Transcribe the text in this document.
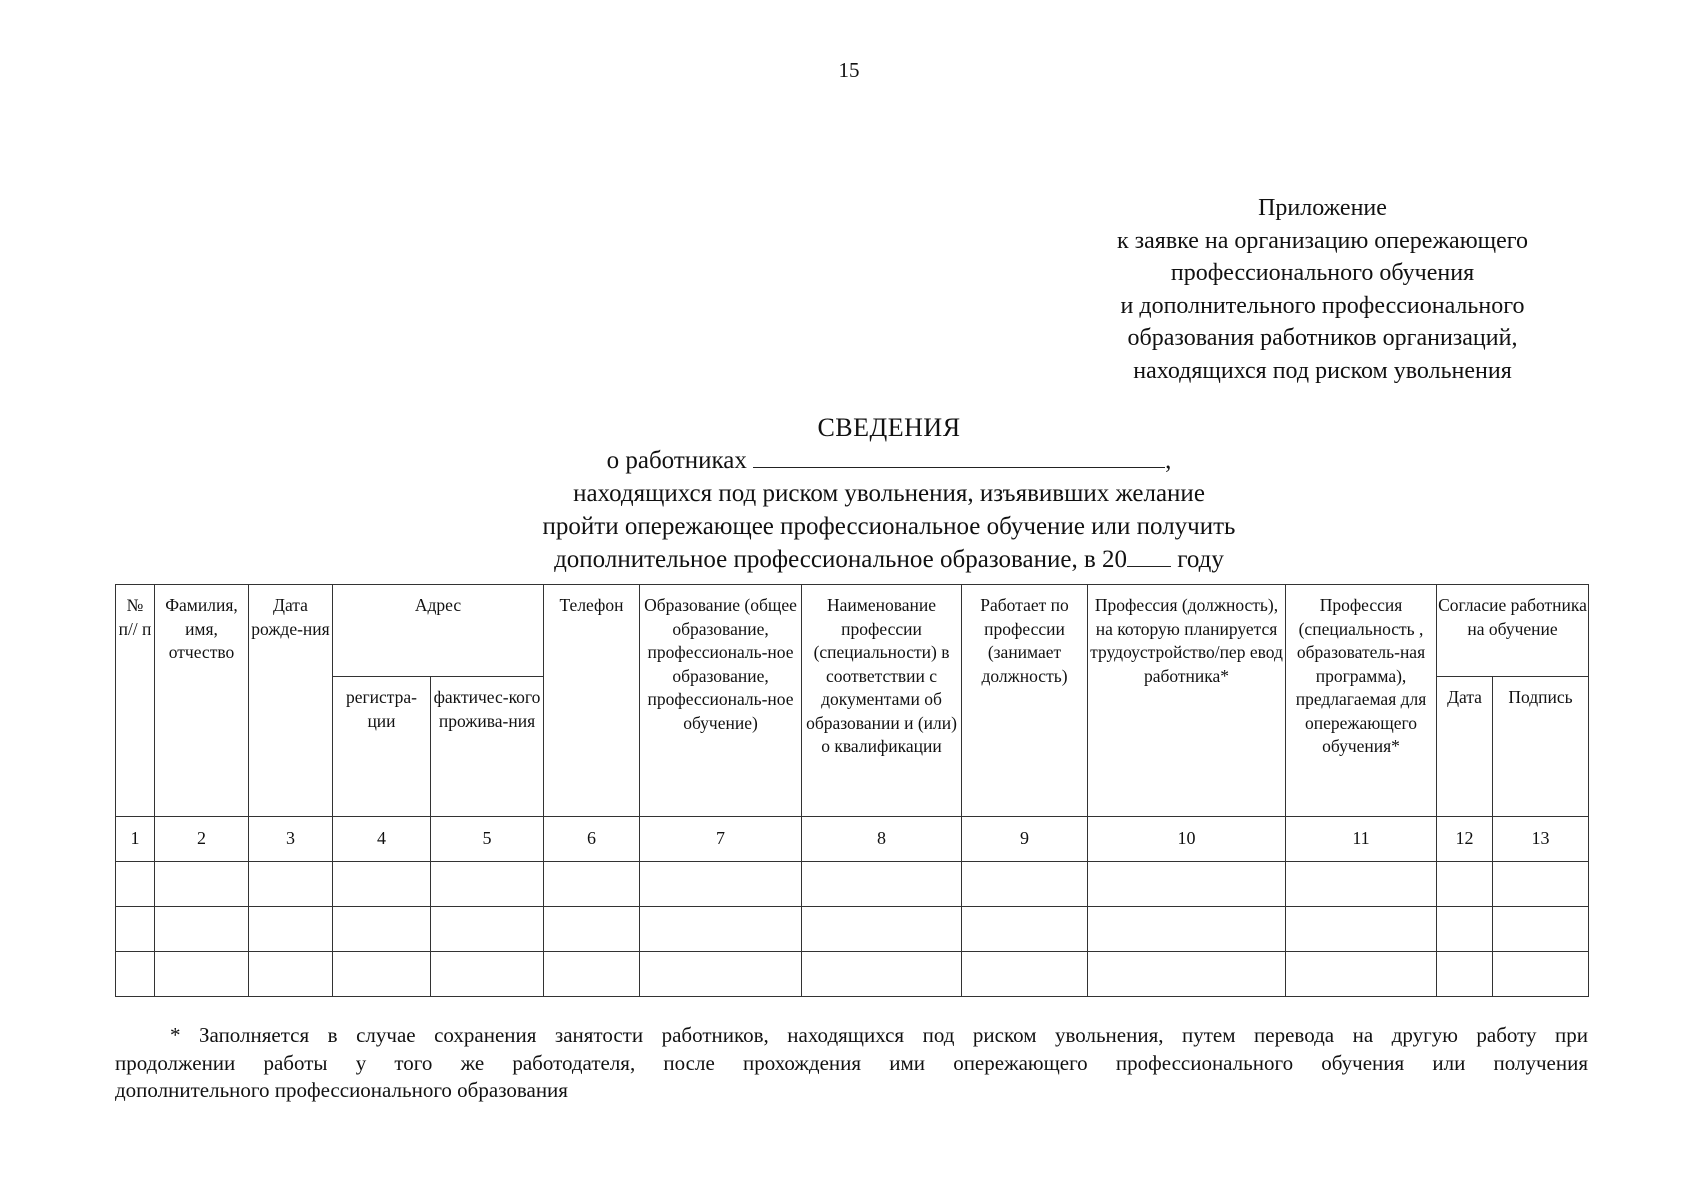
15
Приложение
к заявке на организацию опережающего
профессионального обучения
и дополнительного профессионального
образования работников организаций,
находящихся под риском увольнения
СВЕДЕНИЯ
о работниках	,
находящихся под риском увольнения, изъявивших желание
пройти опережающее профессиональное обучение или получить
дополнительное профессиональное образование, в 20 году
№ п// п	Фамилия, имя, отчество	Дата рожде-ния	Адрес		Телефон	Образование (общее образование, профессиональ-ное образование, профессиональ-ное обучение)	Наименование профессии (специальности) в соответствии с документами об образовании и (или) о квалификации	Работает по профессии (занимает должность)	Профессия (должность), на которую планируется трудоустройство/пер евод работника*	Профессия (специальность , образователь-ная программа), предлагаемая для опережающего обучения*	Согласие работника на обучение	
			регистра-ции	фактичес-кого прожива-ния							Дата	Подпись
1	2	3	4	5	6	7	8	9	10	11	12	13

* Заполняется в случае сохранения занятости работников, находящихся под риском увольнения, путем перевода на другую работу при
продолжении работы у того же работодателя, после прохождения ими опережающего профессионального обучения или получения
дополнительного профессионального образования
